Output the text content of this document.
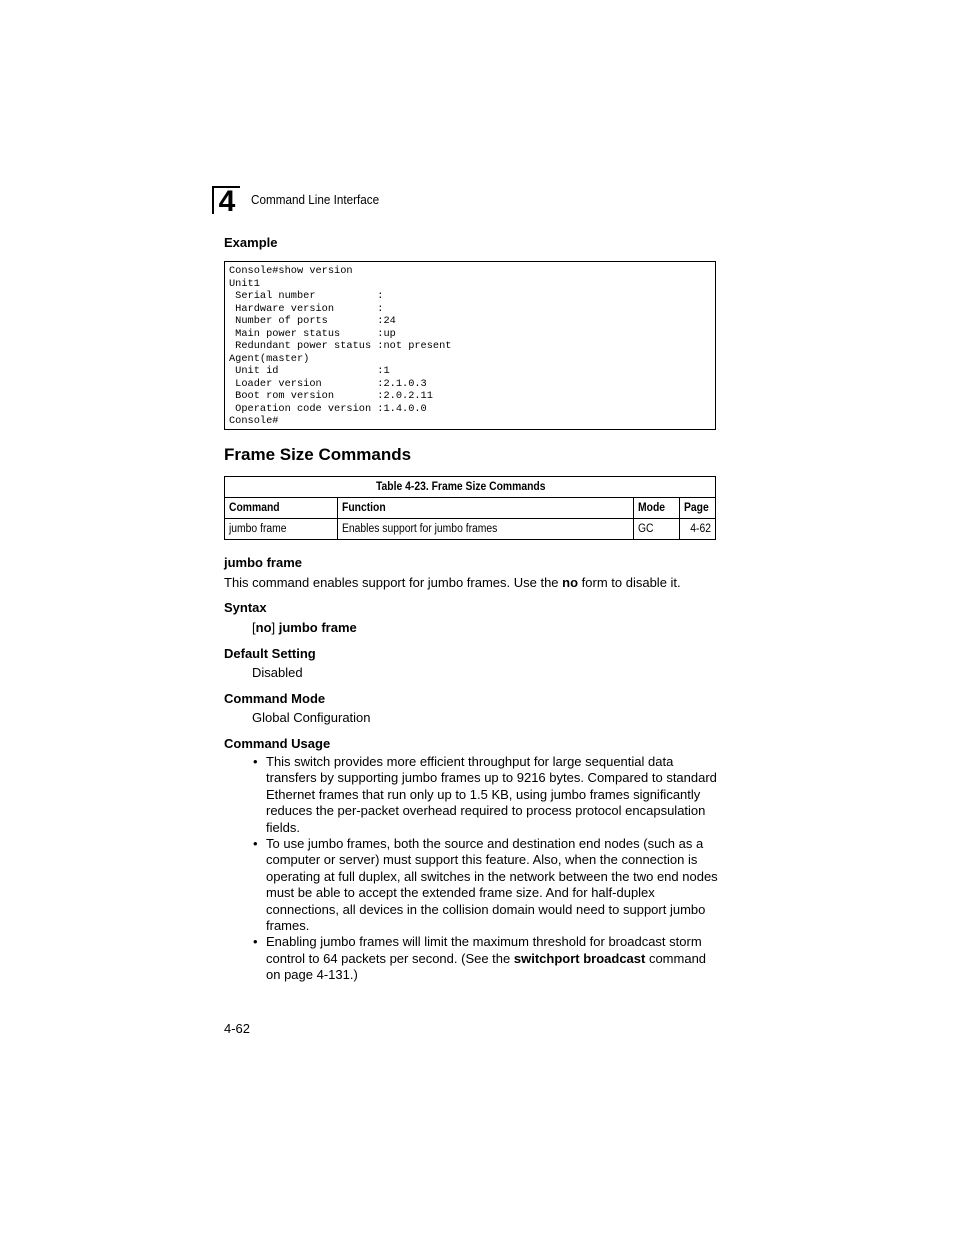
4	Command Line Interface
Example
Console#show version
Unit1
Serial number          :
Hardware version       :
Number of ports        :24
Main power status      :up
Redundant power status :not present
Agent(master)
Unit id                :1
Loader version         :2.1.0.3
Boot rom version       :2.0.2.11
Operation code version :1.4.0.0
Console#
Frame Size Commands
Table 4-23. Frame Size Commands			
Command	Function	Mode	Page
jumbo frame	Enables support for jumbo frames	GC	4-62
jumbo frame
This command enables support for jumbo frames. Use the no form to disable it.
Syntax
[no] jumbo frame
Default Setting
Disabled
Command Mode
Global Configuration
Command Usage
• This switch provides more efficient throughput for large sequential data transfers by supporting jumbo frames up to 9216 bytes. Compared to standard Ethernet frames that run only up to 1.5 KB, using jumbo frames significantly reduces the per-packet overhead required to process protocol encapsulation fields.
• To use jumbo frames, both the source and destination end nodes (such as a computer or server) must support this feature. Also, when the connection is operating at full duplex, all switches in the network between the two end nodes must be able to accept the extended frame size. And for half-duplex connections, all devices in the collision domain would need to support jumbo frames.
• Enabling jumbo frames will limit the maximum threshold for broadcast storm control to 64 packets per second. (See the switchport broadcast command on page 4-131.)
4-62
